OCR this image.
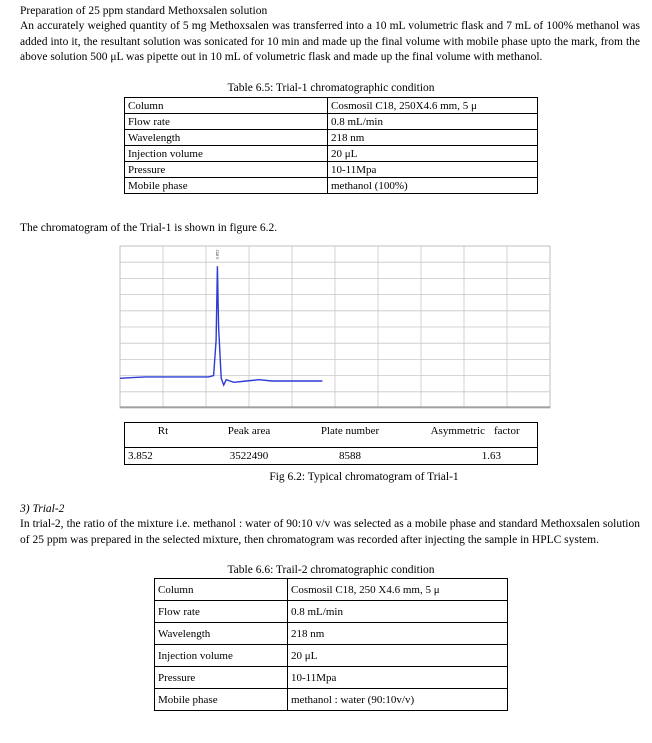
Preparation of 25 ppm standard Methoxsalen solution
An accurately weighed quantity of 5 mg Methoxsalen was transferred into a 10 mL volumetric flask and 7 mL of 100% methanol was added into it, the resultant solution was sonicated for 10 min and made up the final volume with mobile phase upto the mark, from the above solution 500 μL was pipette out in 10 mL of volumetric flask and made up the final volume with methanol.
Table 6.5: Trial-1 chromatographic condition
Column	Cosmosil C18, 250X4.6 mm, 5 μ
Flow rate	0.8 mL/min
Wavelength	218 nm
Injection volume	20 μL
Pressure	10-11Mpa
Mobile phase	methanol (100%)
The chromatogram of the Trial-1 is shown in figure 6.2.
3.852
Rt	Peak area	Plate number	Asymmetric	factor

3.852	3522490	8588	1.63	
Fig 6.2: Typical chromatogram of Trial-1
3) Trial-2
In trial-2, the ratio of the mixture i.e. methanol : water of 90:10 v/v was selected as a mobile phase and standard Methoxsalen solution of 25 ppm was prepared in the selected mixture, then chromatogram was recorded after injecting the sample in HPLC system.
Table 6.6: Trail-2 chromatographic condition
Column	Cosmosil C18, 250 X4.6 mm, 5 μ
Flow rate	0.8 mL/min
Wavelength	218 nm
Injection volume	20 μL
Pressure	10-11Mpa
Mobile phase	methanol : water (90:10v/v)
